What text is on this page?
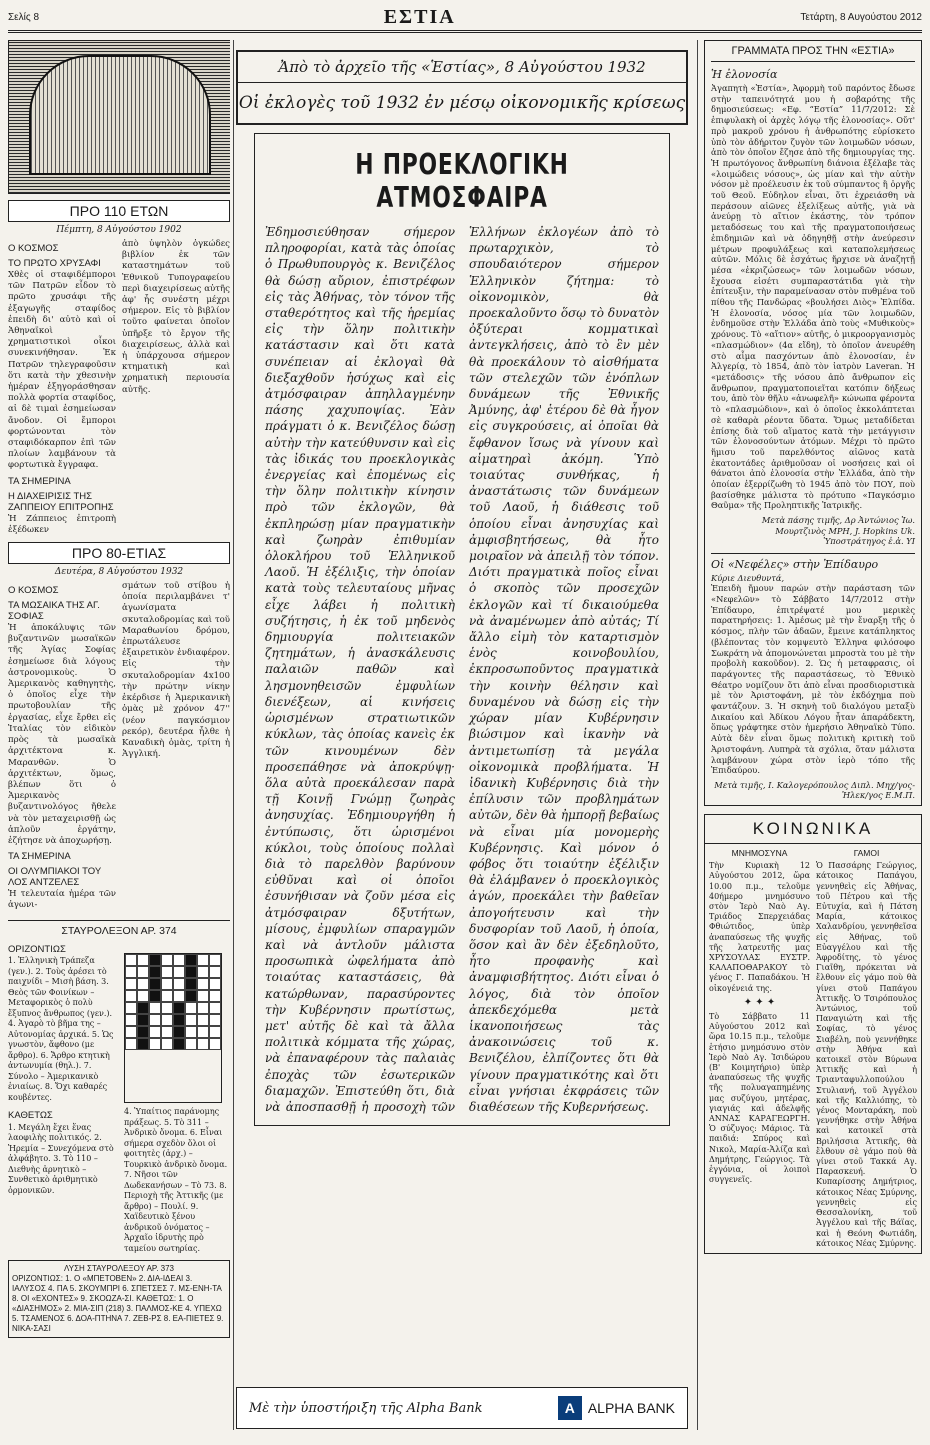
Σελίς 8	ΕΣΤΙΑ	Τετάρτη, 8 Αυγούστου 2012
ΠΡΟ 110 ΕΤΩΝ
Πέμπτη, 8 Αὐγούστου 1902
Ο ΚΟΣΜΟΣ
ΤΟ ΠΡΩΤΟ ΧΡΥΣΑΦΙ
Χθὲς οἱ σταφιδέμποροι τῶν Πατρῶν εἶδον τὸ πρῶτο χρυσάφι τῆς ἐξαγωγῆς σταφίδος ἐπειδὴ δι' αὐτὸ καὶ οἱ Ἀθηναϊκοὶ χρηματιστικοὶ οἶκοι συνεκινήθησαν. Ἐκ Πατρῶν τηλεγραφοῦσιν ὅτι κατὰ τὴν χθεσινὴν ἡμέραν ἐξηγοράσθησαν πολλὰ φορτία σταφίδος, αἱ δὲ τιμαὶ ἐσημείωσαν ἄνοδον. Οἱ ἔμποροι φορτώνονται τὸν σταφιδόκαρπον ἐπὶ τῶν πλοίων λαμβάνουν τὰ φορτωτικὰ ἔγγραφα.
ΤΑ ΣΗΜΕΡΙΝΑ
Η ΔΙΑΧΕΙΡΙΣΙΣ ΤΗΣ ΖΑΠΠΕΙΟΥ ΕΠΙΤΡΟΠΗΣ
Ἡ Ζάππειος ἐπιτροπὴ ἐξέδωκεν
ἀπὸ ὑψηλὸν ὀγκώδες βιβλίον ἐκ τῶν καταστημάτων τοῦ Ἐθνικοῦ Τυπογραφείου περὶ διαχειρίσεως αὐτῆς ἀφ' ἧς συνέστη μέχρι σήμερον. Εἰς τὸ βιβλίον τοῦτο φαίνεται ὁποῖον ὑπῆρξε τὸ ἔργον τῆς διαχειρίσεως, ἀλλὰ καὶ ἡ ὑπάρχουσα σήμερον κτηματικὴ καὶ χρηματικὴ περιουσία αὐτῆς.
ΠΡΟ 80-ΕΤΙΑΣ
Δευτέρα, 8 Αὐγούστου 1932
Ο ΚΟΣΜΟΣ
ΤΑ ΜΩΣΑΙΚΑ ΤΗΣ ΑΓ. ΣΟΦΙΑΣ
Ἡ ἀποκάλυψις τῶν βυζαντινῶν μωσαϊκῶν τῆς Ἁγίας Σοφίας ἐσημείωσε διὰ λόγους ἀστρονομικοὺς. Ὁ Ἀμερικανὸς καθηγητὴς, ὁ ὁποῖος εἶχε τὴν πρωτοβουλίαν τῆς ἐργασίας, εἶχε ἔρθει εἰς Ἰταλίας τὸν εἰδικὸν πρὸς τὰ μωσαϊκὰ ἀρχιτέκτονα κ. Μαρανθῶν. Ὁ ἀρχιτέκτων, ὅμως, βλέπων ὅτι ὁ Ἀμερικανὸς βυζαντινολόγος ἤθελε νὰ τὸν μεταχειρισθῇ ὡς ἁπλοῦν ἐργάτην, ἐζήτησε νὰ ἀποχωρήσῃ.
ΤΑ ΣΗΜΕΡΙΝΑ
ΟΙ ΟΛΥΜΠΙΑΚΟΙ ΤΟΥ ΛΟΣ ΑΝΤΖΕΛΕΣ
Ἡ τελευταία ἡμέρα τῶν ἀγωνι-
σμάτων τοῦ στίβου ἡ ὁποία περιλαμβάνει τ' ἀγωνίσματα σκυταλοδρομίας καὶ τοῦ Μαραθωνίου δρόμου, ἐπρωτάλευσε ἐξαιρετικὸν ἐνδιαφέρον. Εἰς τὴν σκυταλοδρομίαν 4x100 τὴν πρώτην νίκην ἐκέρδισε ἡ Ἀμερικανικὴ ὁμὰς μὲ χρόνον 47'' (νέον παγκόσμιον ρεκόρ), δευτέρα ἦλθε ἡ Καναδικὴ ὁμὰς, τρίτη ἡ Ἀγγλική.
ΣΤΑΥΡΟΛΕΞΟΝ ΑΡ. 374
ΟΡΙΖΟΝΤΙΩΣ
1. Ἑλληνικὴ Τράπεζα (γεν.). 2. Τοὺς ἀρέσει τὸ παιχνίδι – Μισὴ βάση. 3. Θεὸς τῶν Φοινίκων – Μεταφορικὸς ὁ πολὺ ἔξυπνος ἄνθρωπος (γεν.). 4. Ἀγαρὸ τὸ βῆμα της – Αὐτονομίας ἀρχικά. 5. Ὡς γνωστὸν, ἄφθονο (με ἄρθρο). 6. Ἄρθρο κτητικὴ ἀντωνυμία (θηλ.). 7. Σύνολο – Ἀμερικανικὸ ἐνιαίως. 8. Ὄχι καθαρές κουβέντες.
ΚΑΘΕΤΩΣ
1. Μεγάλη ἔχει ἕνας λαοφιλὴς πολιτικός. 2. Ἠρεμία – Συνεχόμενα στὸ ἀλφάβητο. 3. Τὸ 110 – Διεθνὴς ἀρνητικὸ – Συνθετικὸ ἀριθμητικὸ ὀρμονικῶν.
4. Ὑπαίτιος παράνομης πράξεως. 5. Τὸ 311 – Ἀνδρικὸ ὄνομα. 6. Εἶναι σήμερα σχεδὸν ὅλοι οἱ φοιτητὲς (ἀρχ.) – Τουρκικὸ ἀνδρικὸ ὄνομα. 7. Νῆσοι τῶν Δωδεκανήσων – Τὸ 73. 8. Περιοχὴ τῆς Ἀττικῆς (με ἄρθρο) – Πουλί. 9. Χαϊδευτικὸ ξένου ἀνδρικοῦ ὀνόματος – Ἀρχαῖο ἱδρυτὴς πρὸ ταμείου σωτηρίας.
ΛΥΣΗ ΣΤΑΥΡΟΛΕΞΟΥ ΑΡ. 373
ΟΡΙΖΟΝΤΙΩΣ: 1. Ο «ΜΠΕΤΟΒΕΝ» 2. ΔΙΑ-ΙΔΕΑΙ 3. ΙΑΛΥΣΟΣ 4. ΠΑ 5. ΣΚΟΥΜΠΡΙ 6. ΣΠΕΤΣΕΣ 7. ΜΣ-ΕΝΗ-ΤΑ 8. ΟΙ «ΕΧΟΝΤΕΣ» 9. ΣΚΟΩΖΑ-ΣΙ. ΚΑΘΕΤΩΣ: 1. Ο «ΔΙΑΣΗΜΟΣ» 2. ΜΙΑ-ΣΙΠ (218) 3. ΠΑΛΜΟΣ-ΚΕ 4. ΥΠΕΧΩ 5. ΤΣΑΜΕΝΟΣ 6. ΔΟΑ-ΠΤΗΝΑ 7. ΖΕΒ-ΡΣ 8. ΕΑ-ΠΙΕΤΕΣ 9. ΝΙΚΑ-ΣΑΣΙ
Ἀπὸ τὸ ἀρχεῖο τῆς «Ἑστίας», 8 Αὐγούστου 1932
Οἱ ἐκλογὲς τοῦ 1932 ἐν μέσῳ οἰκονομικῆς κρίσεως
Η ΠΡΟΕΚΛΟΓΙΚΗ ΑΤΜΟΣΦΑΙΡΑ
Ἐδημοσιεύθησαν σήμερον πληροφορίαι, κατὰ τὰς ὁποίας ὁ Πρωθυπουργὸς κ. Βενιζέλος θὰ δώσῃ αὔριον, ἐπιστρέφων εἰς τὰς Ἀθήνας, τὸν τόνον τῆς σταθερότητος καὶ τῆς ἡρεμίας εἰς τὴν ὅλην πολιτικὴν κατάστασιν καὶ ὅτι κατὰ συνέπειαν αἱ ἐκλογαὶ θὰ διεξαχθοῦν ἡσύχως καὶ εἰς ἀτμόσφαιραν ἀπηλλαγμένην πάσης χαχυποψίας. Ἐὰν πράγματι ὁ κ. Βενιζέλος δώσῃ αὐτὴν τὴν κατεύθυνσιν καὶ εἰς τὰς ἰδικάς του προεκλογικὰς ἐνεργείας καὶ ἐπομένως εἰς τὴν ὅλην πολιτικὴν κίνησιν πρὸ τῶν ἐκλογῶν, θὰ ἐκπληρώσῃ μίαν πραγματικὴν καὶ ζωηρὰν ἐπιθυμίαν ὁλοκλήρου τοῦ Ἑλληνικοῦ Λαοῦ. Ἡ ἐξέλιξις, τὴν ὁποίαν κατὰ τοὺς τελευταίους μῆνας εἶχε λάβει ἡ πολιτικὴ συζήτησις, ἡ ἐκ τοῦ μηδενὸς δημιουργία πολιτειακῶν ζητημάτων, ἡ ἀνασκάλευσις παλαιῶν παθῶν καὶ λησμονηθεισῶν ἐμφυλίων διενέξεων, αἱ κινήσεις ὡρισμένων στρατιωτικῶν κύκλων, τὰς ὁποίας κανεὶς ἐκ τῶν κινουμένων δὲν προσεπάθησε νὰ ἀποκρύψῃ· ὅλα αὐτὰ προεκάλεσαν παρὰ τῇ Κοινῇ Γνώμῃ ζωηρὰς ἀνησυχίας. Ἐδημιουργήθη ἡ ἐντύπωσις, ὅτι ὡρισμένοι κύκλοι, τοὺς ὁποίους πολλαὶ διὰ τὸ παρελθὸν βαρύνουν εὐθῦναι καὶ οἱ ὁποῖοι ἐσυνήθισαν νὰ ζοῦν μέσα εἰς ἀτμόσφαιραν δξυτήτων, μίσους, ἐμφυλίων σπαραγμῶν καὶ νὰ ἀντλοῦν μάλιστα προσωπικὰ ὠφελήματα ἀπὸ τοιαύτας καταστάσεις, θὰ κατώρθωναν, παρασύροντες τὴν Κυβέρνησιν πρωτίστως, μετ' αὐτῆς δὲ καὶ τὰ ἄλλα πολιτικὰ κόμματα τῆς χώρας, νὰ ἐπαναφέρουν τὰς παλαιὰς ἐποχὰς τῶν ἐσωτερικῶν διαμαχῶν. Ἐπιστεύθη ὅτι, διὰ νὰ ἀποσπασθῇ ἡ προσοχὴ τῶν Ἑλλήνων ἐκλογέων ἀπὸ τὸ πρωταρχικὸν, τὸ σπουδαιότερον σήμερον Ἑλληνικὸν ζήτημα: τὸ οἰκονομικὸν, θὰ προεκαλοῦντο ὅσῳ τὸ δυνατὸν ὀξύτεραι κομματικαὶ ἀντεγκλήσεις, ἀπὸ τὸ ἓν μὲν θὰ προεκάλουν τὸ αἰσθήματα τῶν στελεχῶν τῶν ἑνόπλων δυνάμεων τῆς Ἐθνικῆς Ἀμύνης, ἀφ' ἑτέρου δὲ θὰ ἦγον εἰς συγκρούσεις, αἱ ὁποῖαι θὰ ἔφθανον ἴσως νὰ γίνουν καὶ αἱματηραὶ ἀκόμη. Ὑπὸ τοιαύτας συνθήκας, ἡ ἀναστάτωσις τῶν δυνάμεων τοῦ Λαοῦ, ἡ διάθεσις τοῦ ὁποίου εἶναι ἀνησυχίας καὶ ἀμφισβητήσεως, θὰ ἦτο μοιραῖον νὰ ἀπειλῇ τὸν τόπον. Διότι πραγματικὰ ποῖος εἶναι ὁ σκοπὸς τῶν προσεχῶν ἐκλογῶν καὶ τί δικαιούμεθα νὰ ἀναμένωμεν ἀπὸ αὐτάς; Τί ἄλλο εἰμὴ τὸν καταρτισμὸν ἑνὸς κοινοβουλίου, ἐκπροσωποῦντος πραγματικὰ τὴν κοινὴν θέλησιν καὶ δυναμένου νὰ δώσῃ εἰς τὴν χώραν μίαν Κυβέρνησιν βιώσιμον καὶ ἱκανὴν νὰ ἀντιμετωπίσῃ τὰ μεγάλα οἰκονομικὰ προβλήματα. Ἡ ἰδανικὴ Κυβέρνησις διὰ τὴν ἐπίλυσιν τῶν προβλημάτων αὐτῶν, δὲν θὰ ἠμπορῇ βεβαίως νὰ εἶναι μία μονομερὴς Κυβέρνησις. Καὶ μόνον ὁ φόβος ὅτι τοιαύτην ἐξέλιξιν θὰ ἐλάμβανεν ὁ προεκλογικὸς ἀγών, προεκάλει τὴν βαθεῖαν ἀπογοήτευσιν καὶ τὴν δυσφορίαν τοῦ Λαοῦ, ἡ ὁποία, ὅσον καὶ ἂν δὲν ἐξεδηλοῦτο, ἦτο προφανὴς καὶ ἀναμφισβήτητος. Διότι εἶναι ὁ λόγος, διὰ τὸν ὁποῖον ἀπεκδεχόμεθα μετὰ ἱκανοποιήσεως τὰς ἀνακοινώσεις τοῦ κ. Βενιζέλου, ἐλπίζοντες ὅτι θὰ γίνουν πραγματικότης καὶ ὅτι εἶναι γνήσιαι ἐκφράσεις τῶν διαθέσεων τῆς Κυβερνήσεως.
Μὲ τὴν ὑποστήριξη τῆς Alpha Bank	Α ALPHA BANK
ΓΡΑΜΜΑΤΑ ΠΡΟΣ ΤΗΝ «ΕΣΤΙΑ»
Ἡ ἐλονοσία
Ἀγαπητὴ «Ἑστία», Ἀφορμὴ τοῦ παρόντος ἔδωσε στὴν ταπεινότητά μου ἡ σοβαρότης τῆς δημοσιεύσεως: «Εφ. “Εστία” 11/7/2012: Σὲ ἐπιφυλακὴ οἱ ἀρχὲς λόγῳ τῆς ἐλονοσίας». Οὔτ' πρὸ μακροῦ χρόνου ἡ ἀνθρωπότης εὑρίσκετο ὑπὸ τὸν ἀδήριτον ζυγὸν τῶν λοιμωδῶν νόσων, ἀπὸ τὸν ὁποῖον ἔζησε ἀπὸ τῆς δημιουργίας της. Ἡ πρωτόγονος ἄνθρωπίνη διάνοια ἐξέλαβε τὰς «λοιμώδεις νόσους», ὡς μίαν καὶ τὴν αὐτὴν νόσον μὲ προέλευσιν ἐκ τοῦ σύμπαντος ἢ ὀργῆς τοῦ Θεοῦ. Εὐδηλον εἶναι, ὅτι ἐχρειάσθη νὰ περάσουν αἰῶνες ἐξελίξεως αὐτῆς, γιὰ νὰ ἀνεύρῃ τὸ αἴτιον ἑκάστης, τὸν τρόπον μεταδόσεως του καὶ τῆς πραγματοποιήσεως ἐπιδημιῶν καὶ νὰ ὁδηγηθῇ στὴν ἀνεύρεσιν μέτρων προφυλάξεως καὶ καταπολεμήσεως αὐτῶν. Μόλις δὲ ἐσχάτως ἤρχισε νὰ ἀναζητῇ μέσα «ἐκριζώσεως» τῶν λοιμωδῶν νόσων, ἔχουσα εἰσέτι συμπαραστάτιδα γιὰ τὴν ἐπίτευξιν, τὴν παραμείνασαν στὸν πυθμένα τοῦ πίθου τῆς Πανδώρας «βουλήσει Διὸς» Ἐλπίδα. Ἡ ἐλονοσία, νόσος μία τῶν λοιμωδῶν, ἐνδημοῦσε στὴν Ἑλλάδα ἀπὸ τοὺς «Μυθικοὺς» χρόνους. Τὸ «αἴτιον» αὐτῆς, ὁ μικροοργανισμὸς «πλασμώδιον» (4α εἴδη), τὸ ὁποῖον ἀνευρέθη στὸ αἷμα πασχόντων ἀπὸ ἐλονοσίαν, ἐν Ἀλγερίᾳ, τὸ 1854, ἀπὸ τὸν ἰατρὸν Laveran. Ἡ «μετάδοσις» τῆς νόσου ἀπὸ ἄνθρωπον εἰς ἄνθρωπον, πραγματοποιεῖται κατόπιν δήξεως του, ἀπὸ τὸν θῆλυ «ἀνωφελῆ» κώνωπα φέροντα τὸ «πλασμώδιον», καὶ ὁ ὁποῖος ἐκκολάπτεται σὲ καθαρὰ ρέοντα ὕδατα. Ὅμως μεταδίδεται ἐπίσης διὰ τοῦ αἵματος κατὰ τὴν μετάγγισιν τῶν ἐλονοσούντων ἀτόμων. Μέχρι τὸ πρῶτο ἥμισυ τοῦ παρελθόντος αἰῶνος κατὰ ἑκατοντάδες ἀριθμοῦσαν οἱ νοσήσεις καὶ οἱ θάνατοι ἀπὸ ἐλονοσία στὴν Ἑλλάδα, ἀπὸ τὴν ὁποίαν ἐξερρίζωθη τὸ 1945 ἀπὸ τὸν ΠΟΥ, ποὺ βασίσθηκε μάλιστα τὸ πρότυπο «Παγκόσμιο Θαῦμα» τῆς Προληπτικῆς Ἰατρικῆς.
Μετὰ πάσης τιμῆς, Δρ Ἀντώνιος Ἰω. Μουρτζινὸς ΜΡΗ, J. Hopkins Uk. Ὑποστράτηγος ἐ.ἀ. ΥΙ
Οἱ «Νεφέλες» στὴν Ἐπίδαυρο
Κύριε Διευθυντά,
Ἐπειδὴ ἤμουν παρών στὴν παράσταση τῶν «Νεφελῶν» τὸ Σάββατο 14/7/2012 στὴν Ἐπίδαυρο, ἐπιτρέψατέ μου μερικὲς παρατηρήσεις: 1. Ἀμέσως μὲ τὴν ἔναρξη τῆς ὁ κόσμος, πλὴν τῶν ἀδαῶν, ἔμεινε κατάπληκτος (βλέποντας τὸν κομψευτὸ Ἑλληνα φιλόσοφο Σωκράτη νὰ ἀπομονώνεται μπροστὰ του μὲ τὴν προβολὴ κακοῦδον). 2. Ὡς ἡ μεταφρασις, οἱ παράγοντες τῆς παραστάσεως, τὸ Ἐθνικὸ Θέατρο νομίζουν ὅτι ἀπὸ εἶναι προσδιοριστικὰ μὲ τὸν Ἀριστοφάνη, μὲ τὸν ἐκδόχημα ποὺ φαντάζουν. 3. Ἡ σκηνὴ τοῦ διαλόγου μεταξὺ Δικαίου καὶ Ἀδίκου Λόγου ἦταν ἀπαράδεκτη, ὅπως γράφτηκε στὸν ἡμερήσιο Ἀθηναϊκὸ Τύπο. Αὐτὰ δὲν εἶναι ὅμως πολιτικὴ κριτικὴ τοῦ Ἀριστοφάνη. Λυπηρὰ τὰ σχόλια, ὅταν μάλιστα λαμβάνουν χώρα στὸν ἱερὸ τόπο τῆς Ἐπιδαύρου.
Μετὰ τιμῆς, Ι. Καλογερόπουλος Διπλ. Μηχ/γος-Ἠλεκ/γος Ε.Μ.Π.
ΚΟΙΝΩΝΙΚΑ
ΜΝΗΜΟΣΥΝΑ
Τὴν Κυριακὴ 12 Αὐγούστου 2012, ὥρα 10.00 π.μ., τελοῦμε 40ήμερο μνημόσυνο στὸν Ἱερὸ Ναὸ Αγ. Τριάδος Σπερχειάδας Φθιώτιδος, ὑπὲρ ἀναπαύσεως τῆς ψυχῆς τῆς λατρευτῆς μας ΧΡΥΣΟΥΛΑΣ ΕΥΣΤΡ. ΚΑΛΑΠΟΘΑΡΑΚΟΥ τὸ γένος Γ. Παπαδάκου. Ἡ οἰκογένειά της.
✦ ✦ ✦
Τὸ Σάββατο 11 Αὐγούστου 2012 καὶ ὥρα 10.15 π.μ., τελοῦμε ἑτήσιο μνημόσυνο στὸν Ἱερὸ Ναὸ Αγ. Ἰσιδώρου (Β' Κοιμητήριο) ὑπὲρ ἀναπαύσεως τῆς ψυχῆς τῆς πολυαγαπημένης μας συζύγου, μητέρας, γιαγιάς καὶ ἀδελφῆς ΑΝΝΑΣ ΚΑΡΑΓΕΩΡΓΗ. Ὁ σύζυγος: Μάριος. Τὰ παιδιά: Σπύρος καὶ Νικολ, Μαρία-Ἀλίζα καὶ Δημήτρης, Γεώργιος. Τὰ ἐγγόνια, οἱ λοιποὶ συγγενεῖς.
ΓΑΜΟΙ
Ὁ Πασσάρης Γεώργιος, κάτοικος Παπάγου, γεννηθεὶς εἰς Ἀθήνας, τοῦ Πέτρου καὶ τῆς Εὐτυχία, καὶ ἡ Πάτση Μαρία, κάτοικος Χαλανδρίου, γεννηθεῖσα εἰς Ἀθήνας, τοῦ Εὐαγγέλου καὶ τῆς Ἀφροδίτης, τὸ γένος Γιαῖθη, πρόκειται νὰ ἔλθουν εἰς γάμο ποὺ θὰ γίνει στοῦ Παπάγου Ἀττικῆς. Ὁ Τσιρόπουλος Ἀντώνιος, τοῦ Παναγιώτη καὶ τῆς Σοφίας, τὸ γένος Σιαβέλη, ποὺ γεννήθηκε στὴν Ἀθήνα καὶ κατοικεῖ στὸν Βύρωνα Ἀττικῆς καὶ ἡ Τριανταφυλλοπούλου Στυλιανή, τοῦ Ἀγγέλου καὶ τῆς Καλλιόπης, τὸ γένος Μονταράκη, ποὺ γεννήθηκε στὴν Ἀθήνα καὶ κατοικεῖ στὰ Βριλήσσια Ἀττικῆς, θὰ ἔλθουν σὲ γάμο ποὺ θὰ γίνει στοῦ Τακκά Αγ. Παρασκευή. Ὁ Κυπαρίσσης Δημήτριος, κάτοικος Νέας Σμύρνης, γεννηθεὶς εἰς Θεσσαλονίκη, τοῦ Ἀγγέλου καὶ τῆς Βάϊας, καὶ ἡ Θεόνη Φωτιάδη, κάτοικος Νέας Σμύρνης.
